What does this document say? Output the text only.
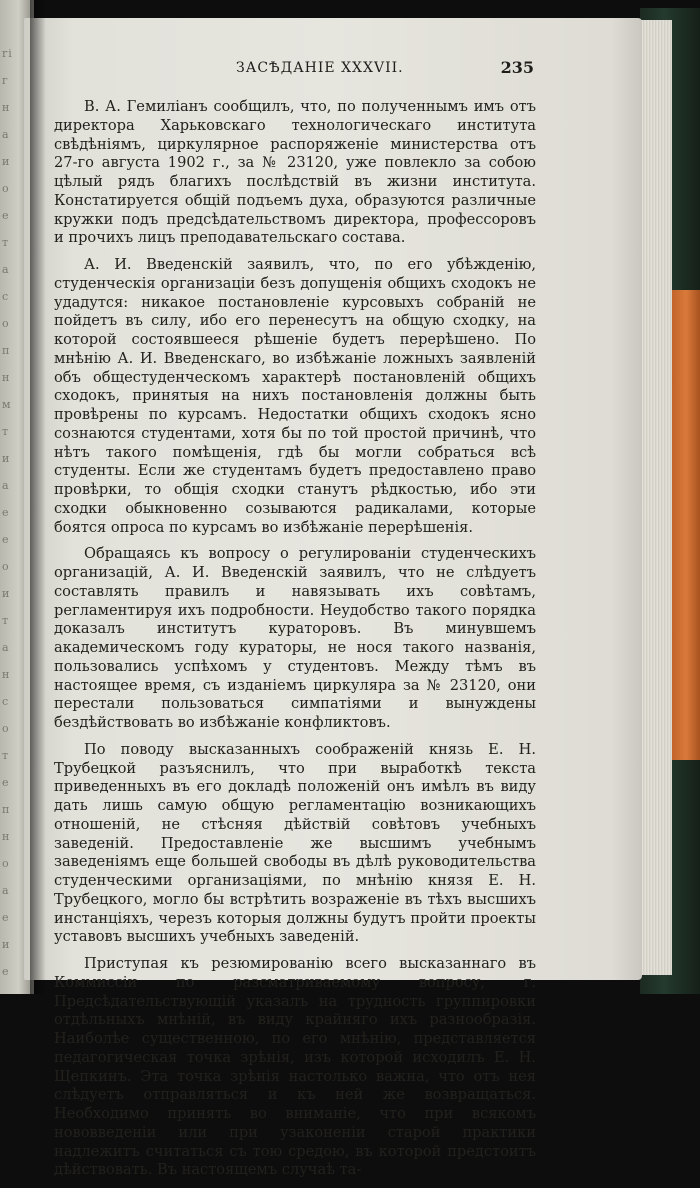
ri
г
н
а
и
о
е
т
а
с
о
п
н
м
т
и
а
е
е
о
и
т
а
н
с
о
т
е
п
н
о
а
е
и
е
ЗАСѢДАНІЕ XXXVII.	235

В. А. Гемиліанъ сообщилъ, что, по полученнымъ имъ отъ директора Харьковскаго технологическаго института свѣдѣніямъ, циркулярное распоряженіе министерства отъ 27-го августа 1902 г., за № 23120, уже повлекло за собою цѣлый рядъ благихъ послѣдствій въ жизни института. Констатируется общій подъемъ духа, образуются различные кружки подъ предсѣдательствомъ директора, профессоровъ и прочихъ лицъ преподавательскаго состава.

А. И. Введенскій заявилъ, что, по его убѣжденію, студенческія организаціи безъ допущенія общихъ сходокъ не удадутся: никакое постановленіе курсовыхъ собраній не пойдетъ въ силу, ибо его перенесутъ на общую сходку, на которой состоявшееся рѣшеніе будетъ перерѣшено. По мнѣнію А. И. Введенскаго, во избѣжаніе ложныхъ заявленій объ общестуденческомъ характерѣ постановленій общихъ сходокъ, принятыя на нихъ постановленія должны быть провѣрены по курсамъ. Недостатки общихъ сходокъ ясно сознаются студентами, хотя бы по той простой причинѣ, что нѣтъ такого помѣщенія, гдѣ бы могли собраться всѣ студенты. Если же студентамъ будетъ предоставлено право провѣрки, то общія сходки станутъ рѣдкостью, ибо эти сходки обыкновенно созываются радикалами, которые боятся опроса по курсамъ во избѣжаніе перерѣшенія.

Обращаясь къ вопросу о регулированіи студенческихъ организацій, А. И. Введенскій заявилъ, что не слѣдуетъ составлять правилъ и навязывать ихъ совѣтамъ, регламентируя ихъ подробности. Неудобство такого порядка доказалъ институтъ кураторовъ. Въ минувшемъ академическомъ году кураторы, не нося такого названія, пользовались успѣхомъ у студентовъ. Между тѣмъ въ настоящее время, съ изданіемъ циркуляра за № 23120, они перестали пользоваться симпатіями и вынуждены бездѣйствовать во избѣжаніе конфликтовъ.

По поводу высказанныхъ соображеній князь Е. Н. Трубецкой разъяснилъ, что при выработкѣ текста приведенныхъ въ его докладѣ положеній онъ имѣлъ въ виду дать лишь самую общую регламентацію возникающихъ отношеній, не стѣсняя дѣйствій совѣтовъ учебныхъ заведеній. Предоставленіе же высшимъ учебнымъ заведеніямъ еще большей свободы въ дѣлѣ руководительства студенческими организаціями, по мнѣнію князя Е. Н. Трубецкого, могло бы встрѣтить возраженіе въ тѣхъ высшихъ инстанціяхъ, черезъ которыя должны будутъ пройти проекты уставовъ высшихъ учебныхъ заведеній.

Приступая къ резюмированію всего высказаннаго въ Коммиссіи по разсматриваемому вопросу, г. Предсѣдательствующій указалъ на трудность группировки отдѣльныхъ мнѣній, въ виду крайняго ихъ разнообразія. Наиболѣе существенною, по его мнѣнію, представляется педагогическая точка зрѣнія, изъ которой исходилъ Е. Н. Щепкинъ. Эта точка зрѣнія настолько важна, что отъ нея слѣдуетъ отправляться и къ ней же возвращаться. Необходимо принять во вниманіе, что при всякомъ нововведеніи или при узаконеніи старой практики надлежитъ считаться съ тою средою, въ которой предстоитъ дѣйствовать. Въ настоящемъ случаѣ та-
